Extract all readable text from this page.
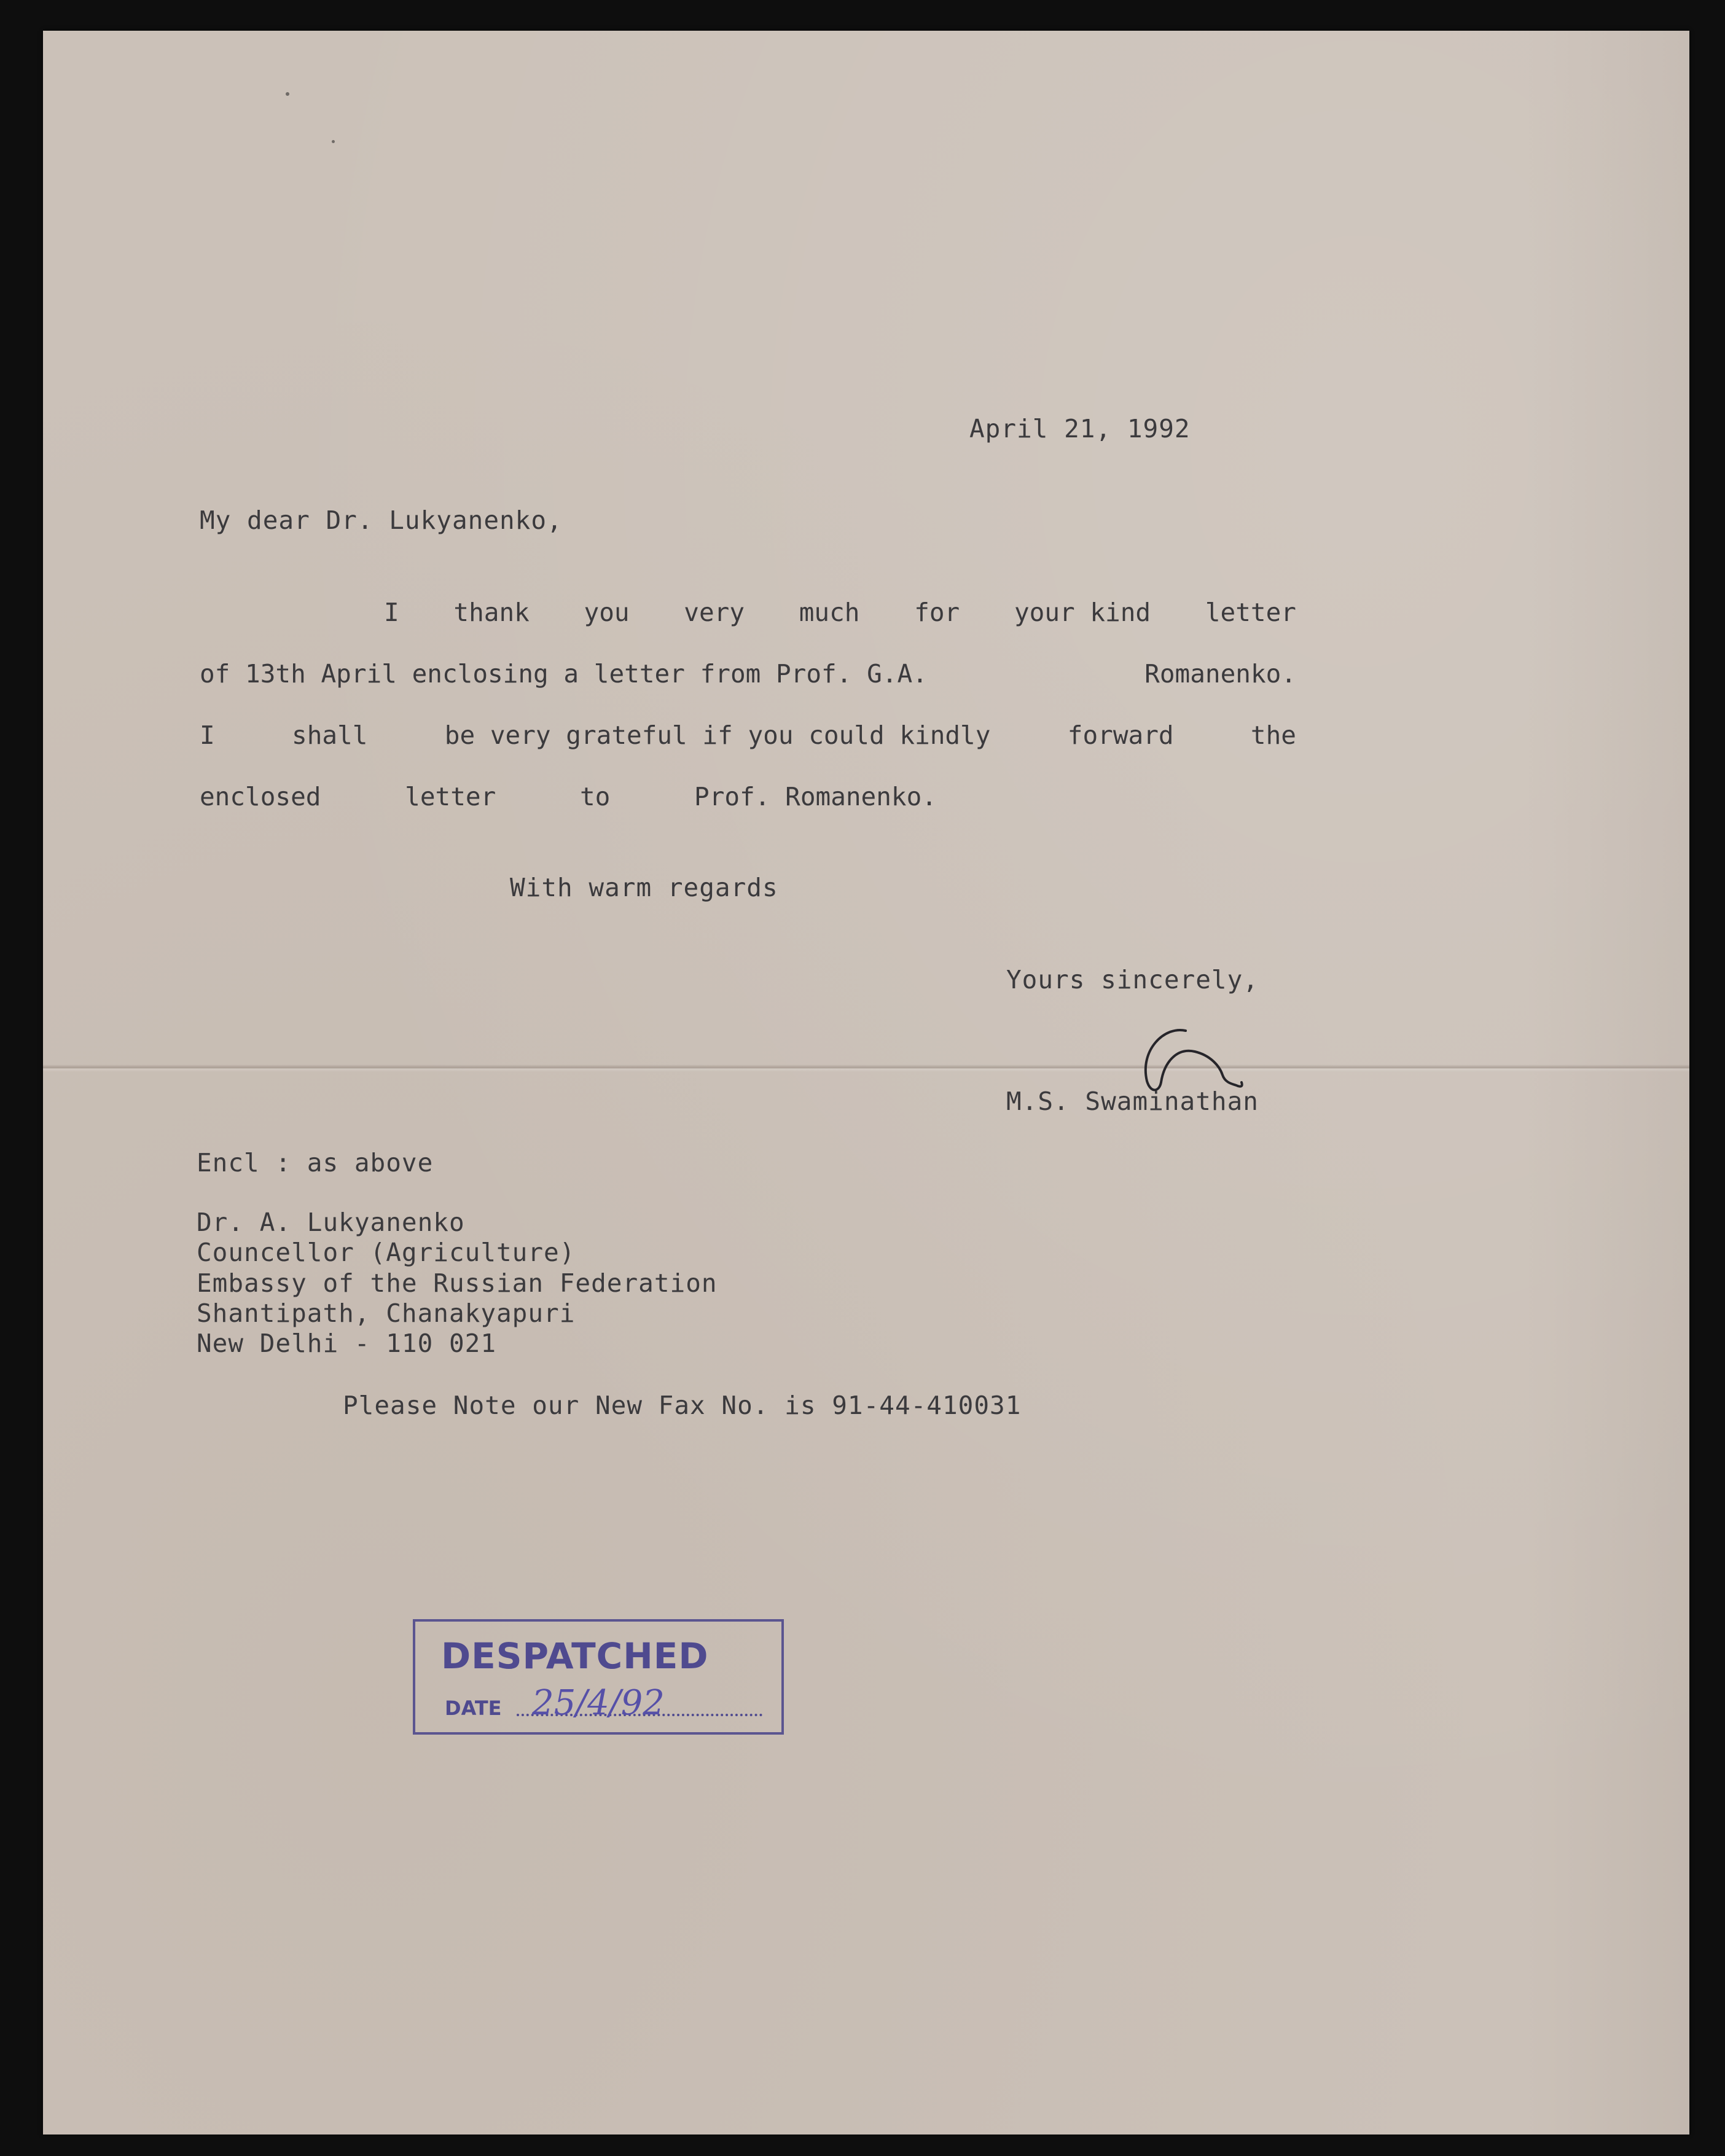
April 21, 1992
My dear Dr. Lukyanenko,
I thank you very much for your kind letter
of 13th April enclosing a letter from Prof. G.A.	Romanenko.
I	shall	be very grateful if you could kindly	forward	the
enclosed	letter	to	Prof. Romanenko.
With warm regards
Yours sincerely,
M.S. Swaminathan
Encl : as above
Dr. A. Lukyanenko
Councellor (Agriculture)
Embassy of the Russian Federation
Shantipath, Chanakyapuri
New Delhi - 110 021
Please Note our New Fax No. is 91-44-410031
DESPATCHED
DATE 25/4/92
